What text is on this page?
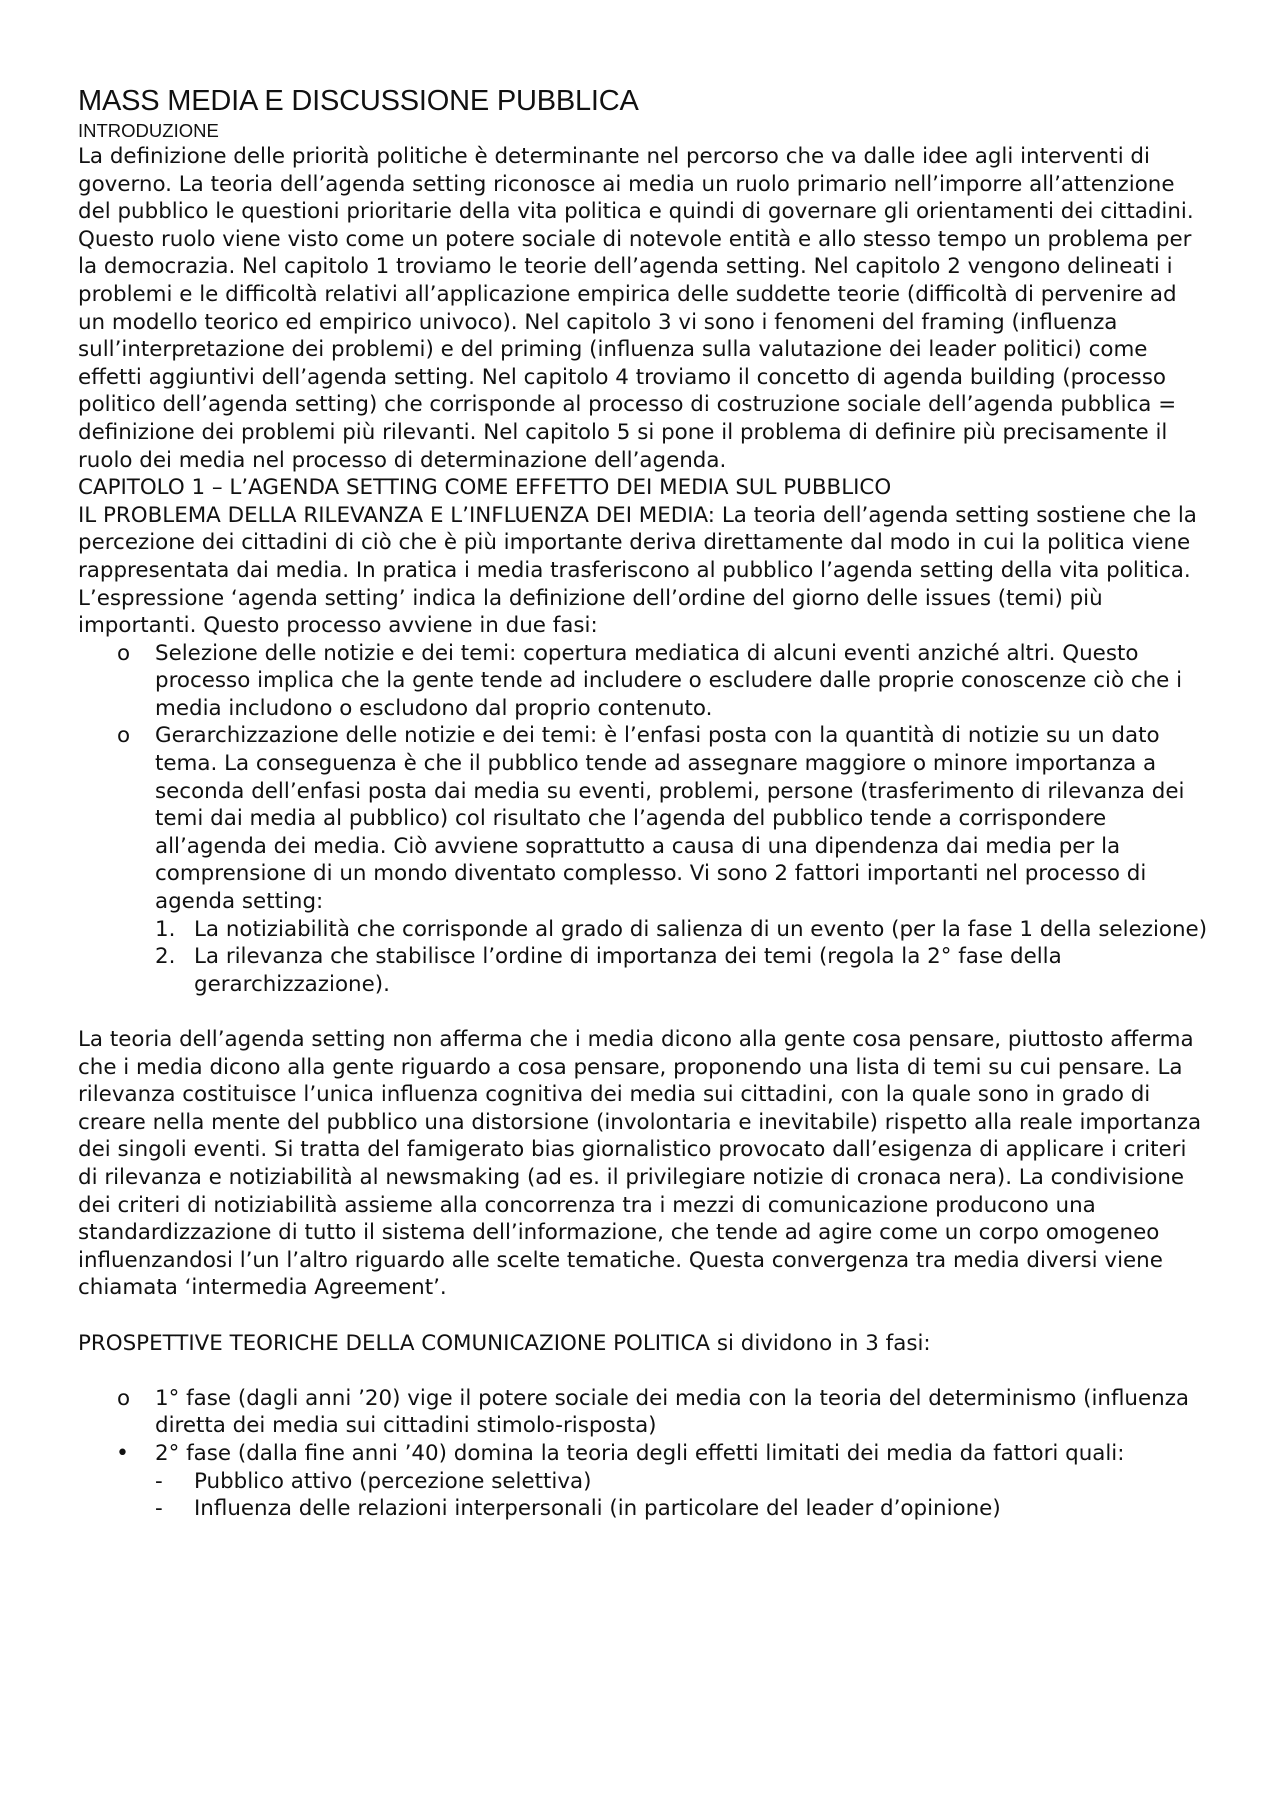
MASS MEDIA E DISCUSSIONE PUBBLICA

INTRODUZIONE

La definizione delle priorità politiche è determinante nel percorso che va dalle idee agli interventi di governo. La teoria dell’agenda setting riconosce ai media un ruolo primario nell’imporre all’attenzione del pubblico le questioni prioritarie della vita politica e quindi di governare gli orientamenti dei cittadini. Questo ruolo viene visto come un potere sociale di notevole entità e allo stesso tempo un problema per la democrazia. Nel capitolo 1 troviamo le teorie dell’agenda setting. Nel capitolo 2 vengono delineati i problemi e le difficoltà relativi all’applicazione empirica delle suddette teorie (difficoltà di pervenire ad un modello teorico ed empirico univoco). Nel capitolo 3 vi sono i fenomeni del framing (influenza sull’interpretazione dei problemi) e del priming (influenza sulla valutazione dei leader politici) come effetti aggiuntivi dell’agenda setting. Nel capitolo 4 troviamo il concetto di agenda building (processo politico dell’agenda setting) che corrisponde al processo di costruzione sociale dell’agenda pubblica = definizione dei problemi più rilevanti. Nel capitolo 5 si pone il problema di definire più precisamente il ruolo dei media nel processo di determinazione dell’agenda.

CAPITOLO 1 – L’AGENDA SETTING COME EFFETTO DEI MEDIA SUL PUBBLICO

IL PROBLEMA DELLA RILEVANZA E L’INFLUENZA DEI MEDIA: La teoria dell’agenda setting sostiene che la percezione dei cittadini di ciò che è più importante deriva direttamente dal modo in cui la politica viene rappresentata dai media. In pratica i media trasferiscono al pubblico l’agenda setting della vita politica. L’espressione ‘agenda setting’ indica la definizione dell’ordine del giorno delle issues (temi) più importanti. Questo processo avviene in due fasi:

o Selezione delle notizie e dei temi: copertura mediatica di alcuni eventi anziché altri. Questo processo implica che la gente tende ad includere o escludere dalle proprie conoscenze ciò che i media includono o escludono dal proprio contenuto.
o Gerarchizzazione delle notizie e dei temi: è l’enfasi posta con la quantità di notizie su un dato tema. La conseguenza è che il pubblico tende ad assegnare maggiore o minore importanza a seconda dell’enfasi posta dai media su eventi, problemi, persone (trasferimento di rilevanza dei temi dai media al pubblico) col risultato che l’agenda del pubblico tende a corrispondere all’agenda dei media. Ciò avviene soprattutto a causa di una dipendenza dai media per la comprensione di un mondo diventato complesso. Vi sono 2 fattori importanti nel processo di agenda setting:
1. La notiziabilità che corrisponde al grado di salienza di un evento (per la fase 1 della selezione)
2. La rilevanza che stabilisce l’ordine di importanza dei temi (regola la 2° fase della gerarchizzazione).

La teoria dell’agenda setting non afferma che i media dicono alla gente cosa pensare, piuttosto afferma che i media dicono alla gente riguardo a cosa pensare, proponendo una lista di temi su cui pensare. La rilevanza costituisce l’unica influenza cognitiva dei media sui cittadini, con la quale sono in grado di creare nella mente del pubblico una distorsione (involontaria e inevitabile) rispetto alla reale importanza dei singoli eventi. Si tratta del famigerato bias giornalistico provocato dall’esigenza di applicare i criteri di rilevanza e notiziabilità al newsmaking (ad es. il privilegiare notizie di cronaca nera). La condivisione dei criteri di notiziabilità assieme alla concorrenza tra i mezzi di comunicazione producono una standardizzazione di tutto il sistema dell’informazione, che tende ad agire come un corpo omogeneo influenzandosi l’un l’altro riguardo alle scelte tematiche. Questa convergenza tra media diversi viene chiamata ‘intermedia Agreement’.

PROSPETTIVE TEORICHE DELLA COMUNICAZIONE POLITICA si dividono in 3 fasi:

o 1° fase (dagli anni ’20) vige il potere sociale dei media con la teoria del determinismo (influenza diretta dei media sui cittadini stimolo-risposta)
• 2° fase (dalla fine anni ’40) domina la teoria degli effetti limitati dei media da fattori quali:
- Pubblico attivo (percezione selettiva)
- Influenza delle relazioni interpersonali (in particolare del leader d’opinione)
